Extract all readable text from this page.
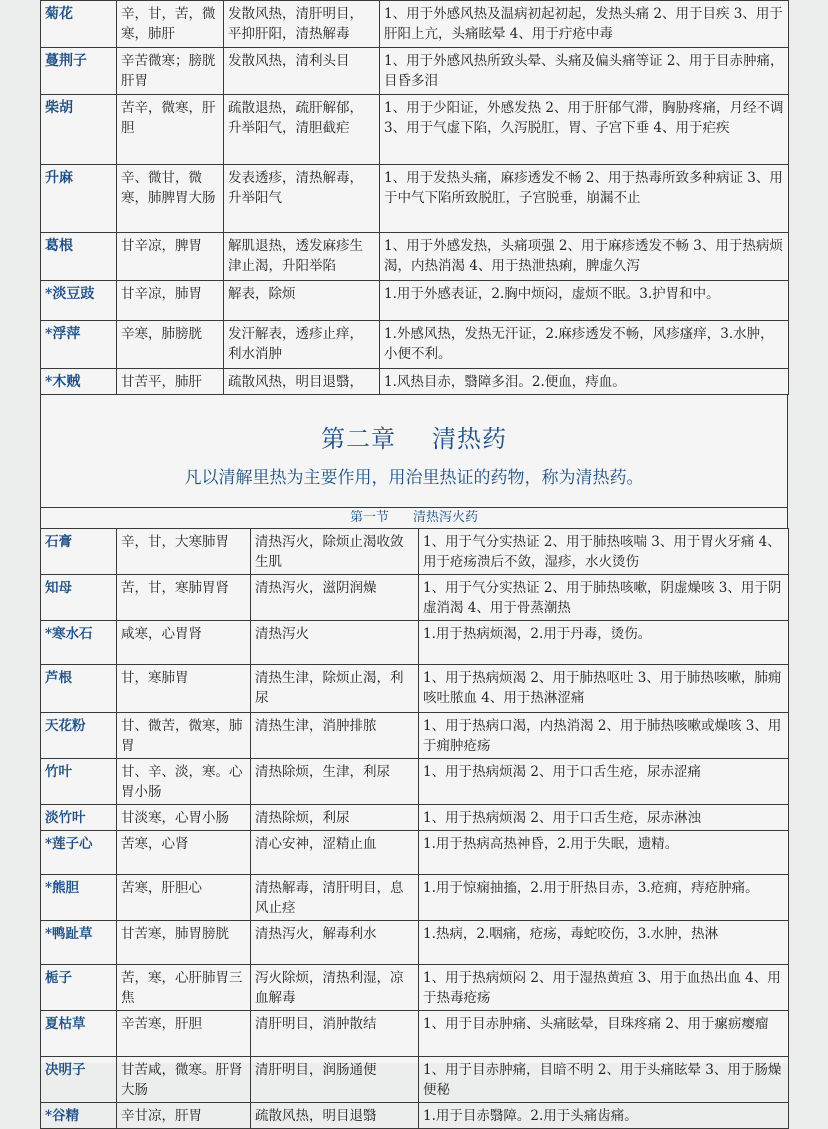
菊花	辛，甘，苦，微寒，肺肝	发散风热，清肝明目，平抑肝阳，清热解毒	1、用于外感风热及温病初起初起，发热头痛 2、用于目疾 3、用于肝阳上亢，头痛眩晕 4、用于疔疮中毒
蔓荆子	辛苦微寒；膀胱肝胃	发散风热，清利头目	1、用于外感风热所致头晕、头痛及偏头痛等证 2、用于目赤肿痛，目昏多泪
柴胡	苦辛，微寒，肝胆	疏散退热，疏肝解郁，升举阳气，清胆截疟	1、用于少阳证，外感发热 2、用于肝郁气滞，胸胁疼痛，月经不调 3、用于气虚下陷，久泻脱肛，胃、子宫下垂 4、用于疟疾
升麻	辛、微甘，微寒，肺脾胃大肠	发表透疹，清热解毒，升举阳气	1、用于发热头痛，麻疹透发不畅 2、用于热毒所致多种病证 3、用于中气下陷所致脱肛，子宫脱垂，崩漏不止
葛根	甘辛凉，脾胃	解肌退热，透发麻疹生津止渴，升阳举陷	1、用于外感发热，头痛项强 2、用于麻疹透发不畅 3、用于热病烦渴，内热消渴 4、用于热泄热痢，脾虚久泻
*淡豆豉	甘辛凉，肺胃	解表，除烦	1.用于外感表证，2.胸中烦闷，虚烦不眠。3.护胃和中。
*浮萍	辛寒，肺膀胱	发汗解表，透疹止痒，利水消肿	1.外感风热，发热无汗证，2.麻疹透发不畅，风疹瘙痒，3.水肿，小便不利。
*木贼	甘苦平，肺肝	疏散风热，明目退翳，	1.风热目赤，翳障多泪。2.便血，痔血。
第二章 清热药
凡以清解里热为主要作用，用治里热证的药物，称为清热药。
第一节 清热泻火药
石膏	辛，甘，大寒肺胃	清热泻火，除烦止渴收敛生肌	1、用于气分实热证 2、用于肺热咳喘 3、用于胃火牙痛 4、用于疮疡溃后不敛，湿疹，水火烫伤
知母	苦，甘，寒肺胃肾	清热泻火，滋阴润燥	1、用于气分实热证 2、用于肺热咳嗽，阴虚燥咳 3、用于阴虚消渴 4、用于骨蒸潮热
*寒水石	咸寒，心胃肾	清热泻火	1.用于热病烦渴，2.用于丹毒，烫伤。
芦根	甘，寒肺胃	清热生津，除烦止渴，利尿	1、用于热病烦渴 2、用于肺热呕吐 3、用于肺热咳嗽，肺痈咳吐脓血 4、用于热淋涩痛
天花粉	甘、微苦，微寒，肺胃	清热生津，消肿排脓	1、用于热病口渴，内热消渴 2、用于肺热咳嗽或燥咳 3、用于痈肿疮疡
竹叶	甘、辛、淡，寒。心胃小肠	清热除烦，生津，利尿	1、用于热病烦渴 2、用于口舌生疮，尿赤涩痛
淡竹叶	甘淡寒，心胃小肠	清热除烦，利尿	1、用于热病烦渴 2、用于口舌生疮，尿赤淋浊
*莲子心	苦寒，心肾	清心安神，涩精止血	1.用于热病高热神昏，2.用于失眠，遗精。
*熊胆	苦寒，肝胆心	清热解毒，清肝明目，息风止痉	1.用于惊痫抽搐，2.用于肝热目赤，3.疮痈，痔疮肿痛。
*鸭趾草	甘苦寒，肺胃膀胱	清热泻火，解毒利水	1.热病，2.咽痛，疮疡，毒蛇咬伤，3.水肿，热淋
栀子	苦，寒，心肝肺胃三焦	泻火除烦，清热利湿，凉血解毒	1、用于热病烦闷 2、用于湿热黄疸 3、用于血热出血 4、用于热毒疮疡
夏枯草	辛苦寒，肝胆	清肝明目，消肿散结	1、用于目赤肿痛、头痛眩晕，目珠疼痛 2、用于瘰疬瘿瘤
决明子	甘苦咸，微寒。肝肾大肠	清肝明目，润肠通便	1、用于目赤肿痛，目暗不明 2、用于头痛眩晕 3、用于肠燥便秘
*谷精	辛甘凉，肝胃	疏散风热，明目退翳	1.用于目赤翳障。2.用于头痛齿痛。
